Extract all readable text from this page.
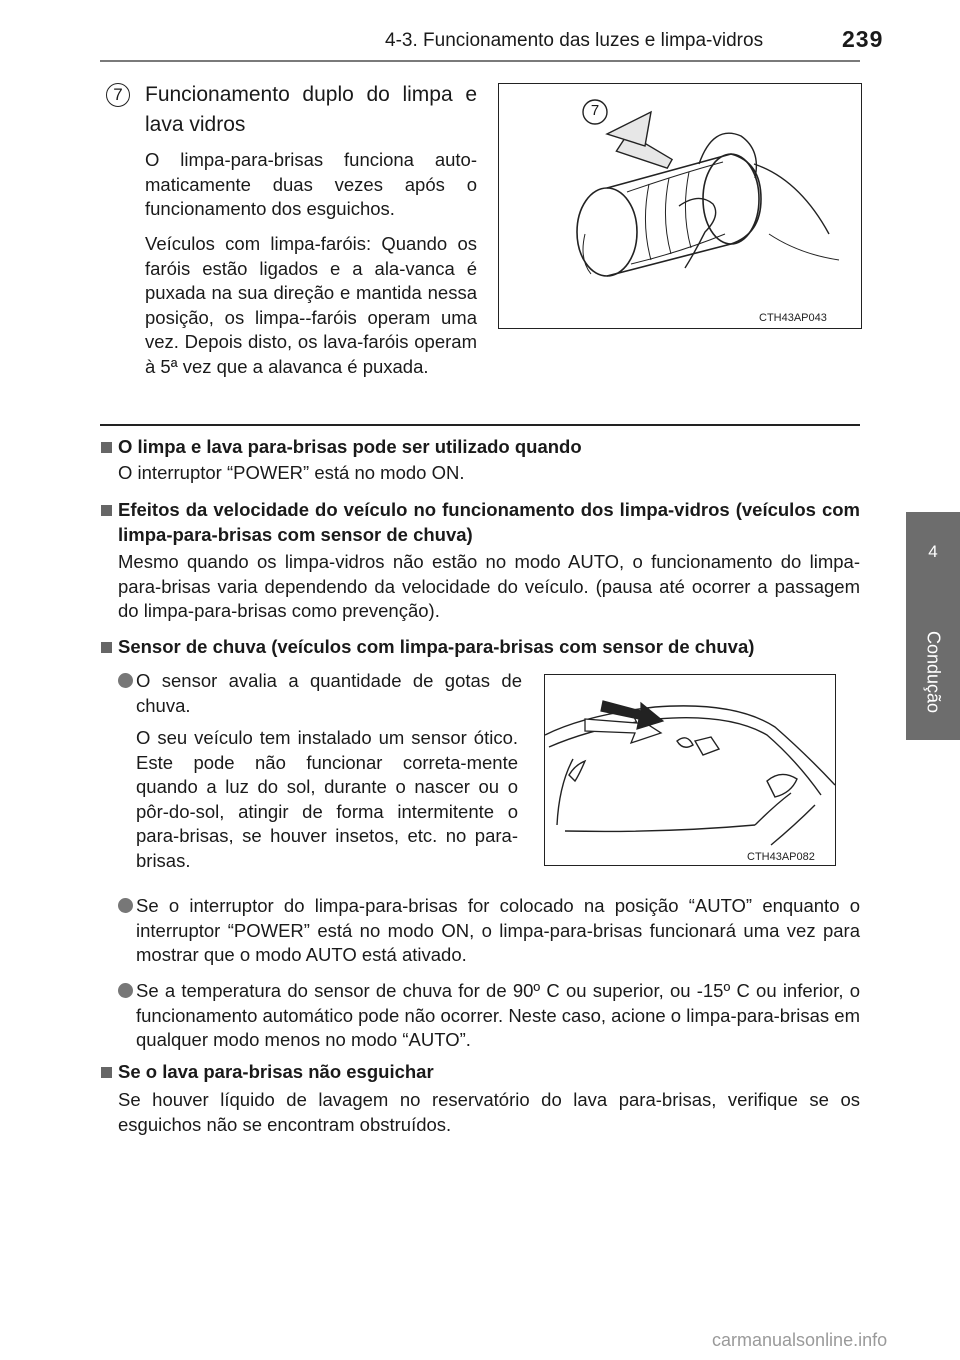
4-3. Funcionamento das luzes e limpa-vidros	239
4
Condução
7	Funcionamento duplo do limpa e lava vidros
O limpa-para-brisas funciona auto-maticamente duas vezes após o funcionamento dos esguichos.
Veículos com limpa-faróis: Quando os faróis estão ligados e a ala-vanca é puxada na sua direção e mantida nessa posição, os limpa--faróis operam uma vez. Depois disto, os lava-faróis operam à 5ª vez que a alavanca é puxada.
7
CTH43AP043
O limpa e lava para-brisas pode ser utilizado quando
O interruptor “POWER” está no modo ON.
Efeitos da velocidade do veículo no funcionamento dos limpa-vidros (veículos com limpa-para-brisas com sensor de chuva)
Mesmo quando os limpa-vidros não estão no modo AUTO, o funcionamento do limpa-para-brisas varia dependendo da velocidade do veículo. (pausa até ocorrer a passagem do limpa-para-brisas como prevenção).
Sensor de chuva (veículos com limpa-para-brisas com sensor de chuva)
O sensor avalia a quantidade de gotas de chuva.
O seu veículo tem instalado um sensor ótico. Este pode não funcionar correta-mente quando a luz do sol, durante o nascer ou o pôr-do-sol, atingir de forma intermitente o para-brisas, se houver insetos, etc. no para-brisas.	CTH43AP082
Se o interruptor do limpa-para-brisas for colocado na posição “AUTO” enquanto o interruptor “POWER” está no modo ON, o limpa-para-brisas funcionará uma vez para mostrar que o modo AUTO está ativado.
Se a temperatura do sensor de chuva for de 90º C ou superior, ou -15º C ou inferior, o funcionamento automático pode não ocorrer. Neste caso, acione o limpa-para-brisas em qualquer modo menos no modo “AUTO”.
Se o lava para-brisas não esguichar
Se houver líquido de lavagem no reservatório do lava para-brisas, verifique se os esguichos não se encontram obstruídos.
carmanualsonline.info
